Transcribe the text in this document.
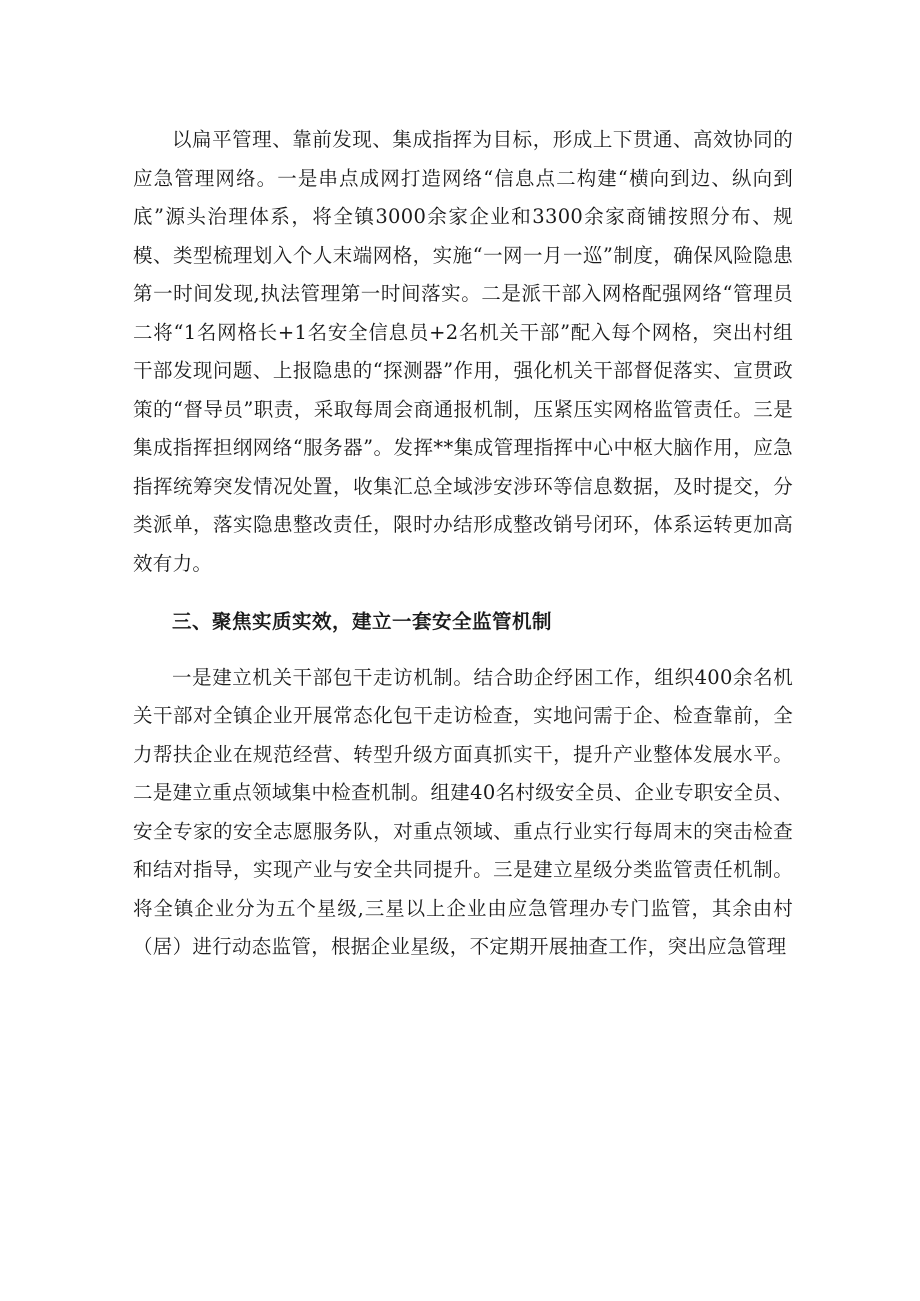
以扁平管理、靠前发现、集成指挥为目标，形成上下贯通、高效协同的应急管理网络。一是串点成网打造网络“信息点二构建“横向到边、纵向到底”源头治理体系，将全镇3000余家企业和3300余家商铺按照分布、规模、类型梳理划入个人末端网格，实施“一网一月一巡”制度，确保风险隐患第一时间发现,执法管理第一时间落实。二是派干部入网格配强网络“管理员二将“1名网格长+1名安全信息员+2名机关干部”配入每个网格，突出村组干部发现问题、上报隐患的“探测器”作用，强化机关干部督促落实、宣贯政策的“督导员”职责，采取每周会商通报机制，压紧压实网格监管责任。三是集成指挥担纲网络“服务器”。发挥**集成管理指挥中心中枢大脑作用，应急指挥统筹突发情况处置，收集汇总全域涉安涉环等信息数据，及时提交，分类派单，落实隐患整改责任，限时办结形成整改销号闭环，体系运转更加高效有力。

三、聚焦实质实效，建立一套安全监管机制

一是建立机关干部包干走访机制。结合助企纾困工作，组织400余名机关干部对全镇企业开展常态化包干走访检查，实地问需于企、检查靠前，全力帮扶企业在规范经营、转型升级方面真抓实干，提升产业整体发展水平。二是建立重点领域集中检查机制。组建40名村级安全员、企业专职安全员、安全专家的安全志愿服务队，对重点领域、重点行业实行每周末的突击检查和结对指导，实现产业与安全共同提升。三是建立星级分类监管责任机制。将全镇企业分为五个星级,三星以上企业由应急管理办专门监管，其余由村（居）进行动态监管，根据企业星级，不定期开展抽查工作，突出应急管理
